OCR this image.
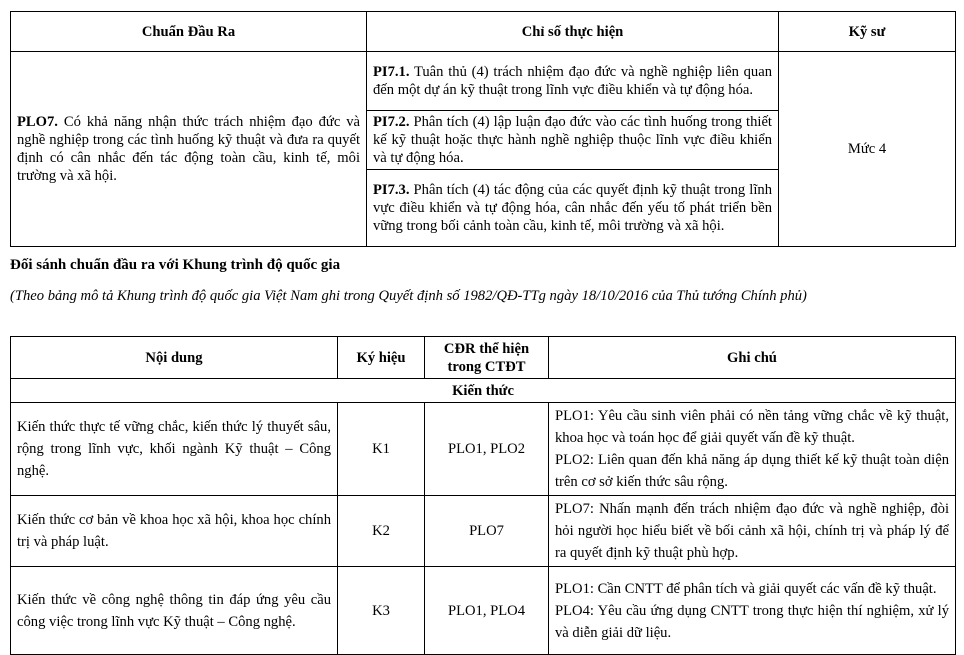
Chuẩn Đầu Ra	Chỉ số thực hiện	Kỹ sư
PLO7. Có khả năng nhận thức trách nhiệm đạo đức và nghề nghiệp trong các tình huống kỹ thuật và đưa ra quyết định có cân nhắc đến tác động toàn cầu, kinh tế, môi trường và xã hội.	PI7.1. Tuân thủ (4) trách nhiệm đạo đức và nghề nghiệp liên quan đến một dự án kỹ thuật trong lĩnh vực điều khiển và tự động hóa.	Mức 4
	PI7.2. Phân tích (4) lập luận đạo đức vào các tình huống trong thiết kế kỹ thuật hoặc thực hành nghề nghiệp thuộc lĩnh vực điều khiển và tự động hóa.	
	PI7.3. Phân tích (4) tác động của các quyết định kỹ thuật trong lĩnh vực điều khiển và tự động hóa, cân nhắc đến yếu tố phát triển bền vững trong bối cảnh toàn cầu, kinh tế, môi trường và xã hội.	
Đối sánh chuẩn đầu ra với Khung trình độ quốc gia
(Theo bảng mô tả Khung trình độ quốc gia Việt Nam ghi trong Quyết định số 1982/QĐ-TTg ngày 18/10/2016 của Thủ tướng Chính phủ)
Nội dung	Ký hiệu	CĐR thể hiện trong CTĐT	Ghi chú
Kiến thức			
Kiến thức thực tế vững chắc, kiến thức lý thuyết sâu, rộng trong lĩnh vực, khối ngành Kỹ thuật – Công nghệ.	K1	PLO1, PLO2	PLO1: Yêu cầu sinh viên phải có nền tảng vững chắc về kỹ thuật, khoa học và toán học để giải quyết vấn đề kỹ thuật.
PLO2: Liên quan đến khả năng áp dụng thiết kế kỹ thuật toàn diện trên cơ sở kiến thức sâu rộng.

Kiến thức cơ bản về khoa học xã hội, khoa học chính trị và pháp luật.	K2	PLO7	PLO7: Nhấn mạnh đến trách nhiệm đạo đức và nghề nghiệp, đòi hỏi người học hiểu biết về bối cảnh xã hội, chính trị và pháp lý để ra quyết định kỹ thuật phù hợp.

Kiến thức về công nghệ thông tin đáp ứng yêu cầu công việc trong lĩnh vực Kỹ thuật – Công nghệ.	K3	PLO1, PLO4	PLO1: Cần CNTT để phân tích và giải quyết các vấn đề kỹ thuật.
PLO4: Yêu cầu ứng dụng CNTT trong thực hiện thí nghiệm, xử lý và diễn giải dữ liệu.
